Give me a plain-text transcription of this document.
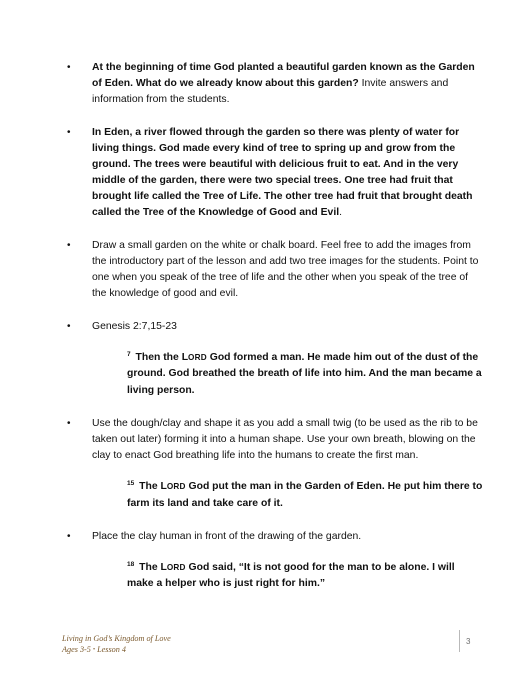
• At the beginning of time God planted a beautiful garden known as the Garden of Eden. What do we already know about this garden? Invite answers and information from the students.
• In Eden, a river flowed through the garden so there was plenty of water for living things. God made every kind of tree to spring up and grow from the ground. The trees were beautiful with delicious fruit to eat. And in the very middle of the garden, there were two special trees. One tree had fruit that brought life called the Tree of Life. The other tree had fruit that brought death called the Tree of the Knowledge of Good and Evil.
• Draw a small garden on the white or chalk board. Feel free to add the images from the introductory part of the lesson and add two tree images for the students. Point to one when you speak of the tree of life and the other when you speak of the tree of the knowledge of good and evil.
• Genesis 2:7,15-23
$^7$ Then the LORD God formed a man. He made him out of the dust of the ground. God breathed the breath of life into him. And the man became a living person.
• Use the dough/clay and shape it as you add a small twig (to be used as the rib to be taken out later) forming it into a human shape. Use your own breath, blowing on the clay to enact God breathing life into the humans to create the first man.
$^{15}$ The LORD God put the man in the Garden of Eden. He put him there to farm its land and take care of it.
• Place the clay human in front of the drawing of the garden.
$^{18}$ The LORD God said, “It is not good for the man to be alone. I will make a helper who is just right for him.”
Living in God’s Kingdom of Love
Ages 3-5 • Lesson 4
3
